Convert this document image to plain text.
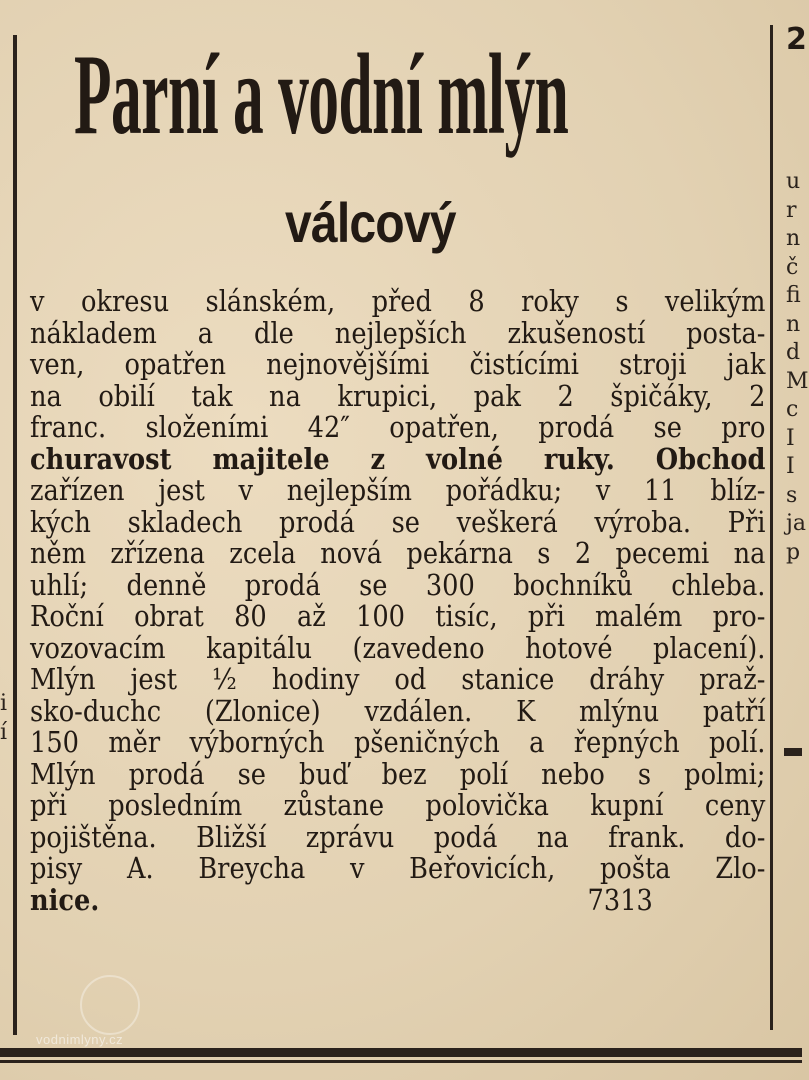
2
Parní a vodní mlýn
válcový
v okresu slánském, před 8 roky s velikým
nákladem a dle nejlepších zkušeností posta-
ven, opatřen nejnovějšími čistícími stroji jak
na obilí tak na krupici, pak 2 špičáky, 2
franc. složeními 42″ opatřen, prodá se pro
churavost majitele z volné ruky. Obchod
zařízen jest v nejlepším pořádku; v 11 blíz-
kých skladech prodá se veškerá výroba. Při
něm zřízena zcela nová pekárna s 2 pecemi na
uhlí; denně prodá se 300 bochníků chleba.
Roční obrat 80 až 100 tisíc, při malém pro-
vozovacím kapitálu (zavedeno hotové placení).
Mlýn jest ½ hodiny od stanice dráhy praž-
sko-duchc (Zlonice) vzdálen. K mlýnu patří
150 měr výborných pšeničných a řepných polí.
Mlýn prodá se buď bez polí nebo s polmi;
při posledním zůstane polovička kupní ceny
pojištěna. Bližší zprávu podá na frank. do-
pisy A. Breycha v Beřovicích, pošta Zlo-
nice.	7313
u
r
n
č
fi
n
d
M
c
I
I
s
ja
p
i
í
vodnimlyny.cz
